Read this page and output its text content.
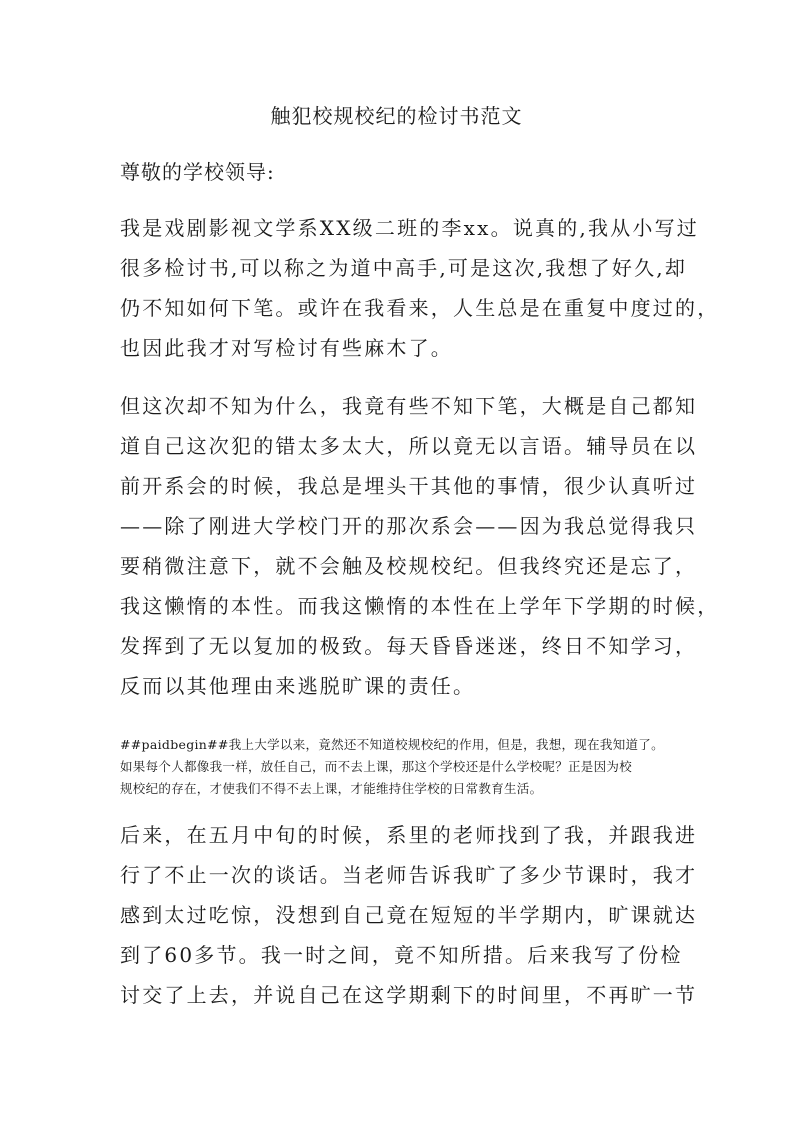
触犯校规校纪的检讨书范文
尊敬的学校领导:
我是戏剧影视文学系XX级二班的李xx。说真的,我从小写过
很多检讨书,可以称之为道中高手,可是这次,我想了好久,却
仍不知如何下笔。或许在我看来，人生总是在重复中度过的，
也因此我才对写检讨有些麻木了。
但这次却不知为什么，我竟有些不知下笔，大概是自己都知
道自己这次犯的错太多太大，所以竟无以言语。辅导员在以
前开系会的时候，我总是埋头干其他的事情，很少认真听过
——除了刚进大学校门开的那次系会——因为我总觉得我只
要稍微注意下，就不会触及校规校纪。但我终究还是忘了，
我这懒惰的本性。而我这懒惰的本性在上学年下学期的时候，
发挥到了无以复加的极致。每天昏昏迷迷，终日不知学习，
反而以其他理由来逃脱旷课的责任。
##paidbegin##我上大学以来，竟然还不知道校规校纪的作用，但是，我想，现在我知道了。
如果每个人都像我一样，放任自己，而不去上课，那这个学校还是什么学校呢？正是因为校
规校纪的存在，才使我们不得不去上课，才能维持住学校的日常教育生活。
后来，在五月中旬的时候，系里的老师找到了我，并跟我进
行了不止一次的谈话。当老师告诉我旷了多少节课时，我才
感到太过吃惊，没想到自己竟在短短的半学期内，旷课就达
到了60多节。我一时之间，竟不知所措。后来我写了份检
讨交了上去，并说自己在这学期剩下的时间里，不再旷一节
